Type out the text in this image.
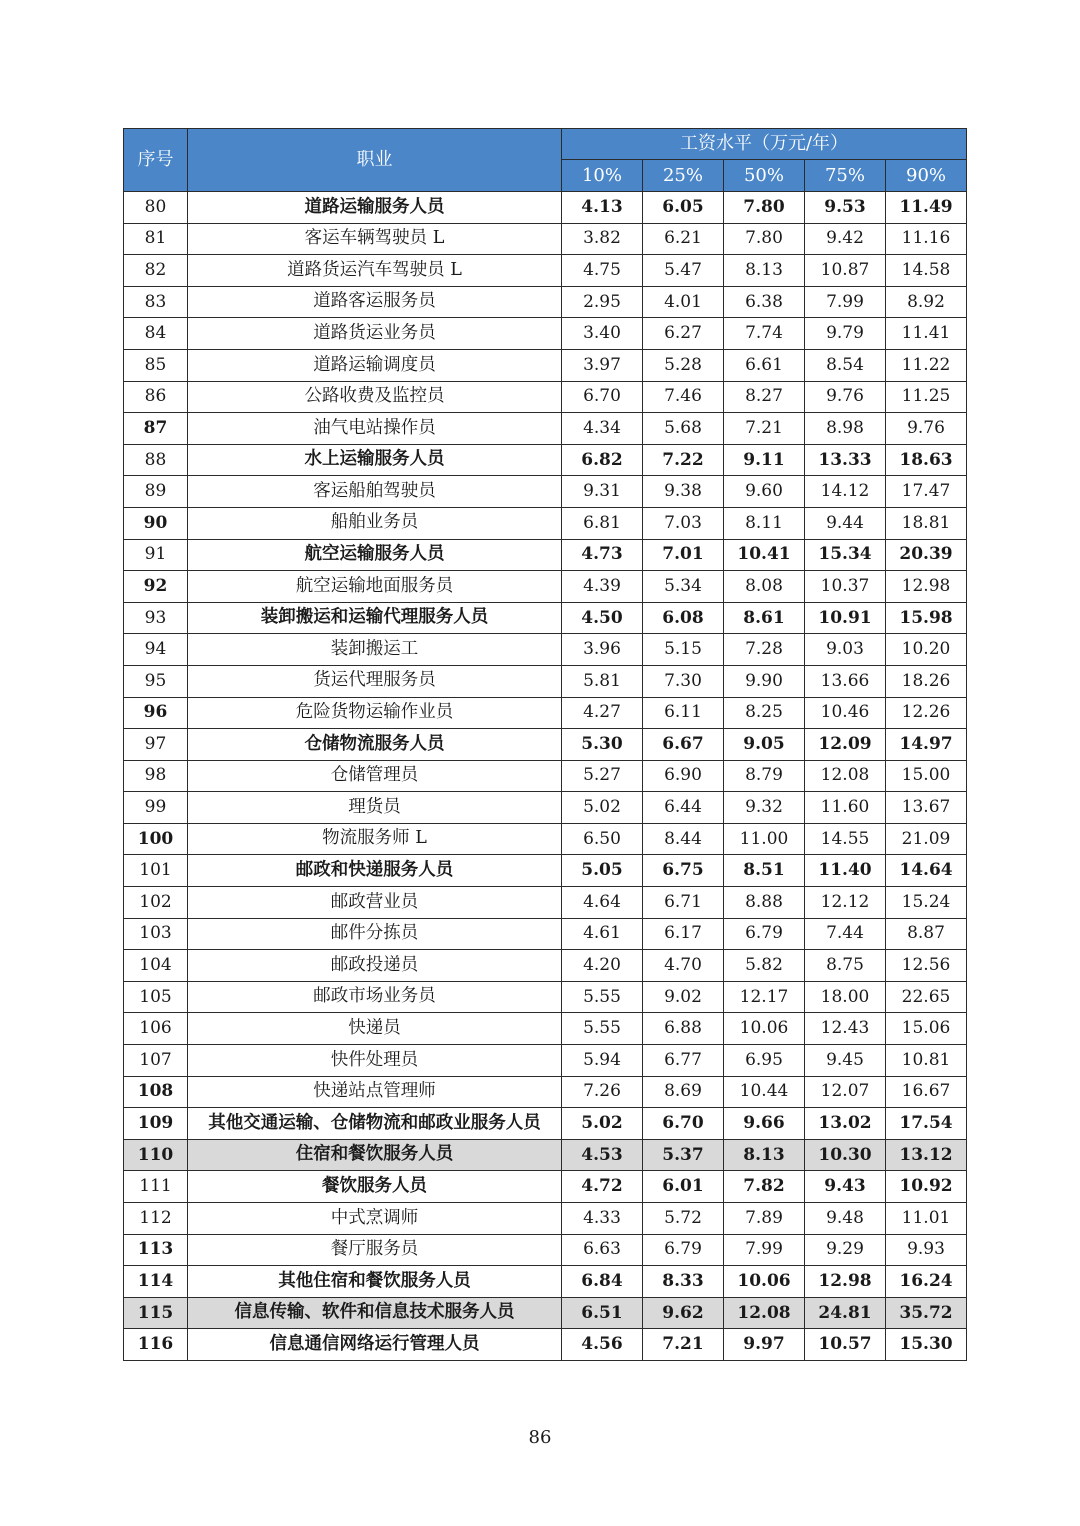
序号	职业	工资水平（万元/年）				
		10%	25%	50%	75%	90%
80	道路运输服务人员	4.13	6.05	7.80	9.53	11.49
81	客运车辆驾驶员 L	3.82	6.21	7.80	9.42	11.16
82	道路货运汽车驾驶员 L	4.75	5.47	8.13	10.87	14.58
83	道路客运服务员	2.95	4.01	6.38	7.99	8.92
84	道路货运业务员	3.40	6.27	7.74	9.79	11.41
85	道路运输调度员	3.97	5.28	6.61	8.54	11.22
86	公路收费及监控员	6.70	7.46	8.27	9.76	11.25
87	油气电站操作员	4.34	5.68	7.21	8.98	9.76
88	水上运输服务人员	6.82	7.22	9.11	13.33	18.63
89	客运船舶驾驶员	9.31	9.38	9.60	14.12	17.47
90	船舶业务员	6.81	7.03	8.11	9.44	18.81
91	航空运输服务人员	4.73	7.01	10.41	15.34	20.39
92	航空运输地面服务员	4.39	5.34	8.08	10.37	12.98
93	装卸搬运和运输代理服务人员	4.50	6.08	8.61	10.91	15.98
94	装卸搬运工	3.96	5.15	7.28	9.03	10.20
95	货运代理服务员	5.81	7.30	9.90	13.66	18.26
96	危险货物运输作业员	4.27	6.11	8.25	10.46	12.26
97	仓储物流服务人员	5.30	6.67	9.05	12.09	14.97
98	仓储管理员	5.27	6.90	8.79	12.08	15.00
99	理货员	5.02	6.44	9.32	11.60	13.67
100	物流服务师 L	6.50	8.44	11.00	14.55	21.09
101	邮政和快递服务人员	5.05	6.75	8.51	11.40	14.64
102	邮政营业员	4.64	6.71	8.88	12.12	15.24
103	邮件分拣员	4.61	6.17	6.79	7.44	8.87
104	邮政投递员	4.20	4.70	5.82	8.75	12.56
105	邮政市场业务员	5.55	9.02	12.17	18.00	22.65
106	快递员	5.55	6.88	10.06	12.43	15.06
107	快件处理员	5.94	6.77	6.95	9.45	10.81
108	快递站点管理师	7.26	8.69	10.44	12.07	16.67
109	其他交通运输、仓储物流和邮政业服务人员	5.02	6.70	9.66	13.02	17.54
110	住宿和餐饮服务人员	4.53	5.37	8.13	10.30	13.12
111	餐饮服务人员	4.72	6.01	7.82	9.43	10.92
112	中式烹调师	4.33	5.72	7.89	9.48	11.01
113	餐厅服务员	6.63	6.79	7.99	9.29	9.93
114	其他住宿和餐饮服务人员	6.84	8.33	10.06	12.98	16.24
115	信息传输、软件和信息技术服务人员	6.51	9.62	12.08	24.81	35.72
116	信息通信网络运行管理人员	4.56	7.21	9.97	10.57	15.30
86
